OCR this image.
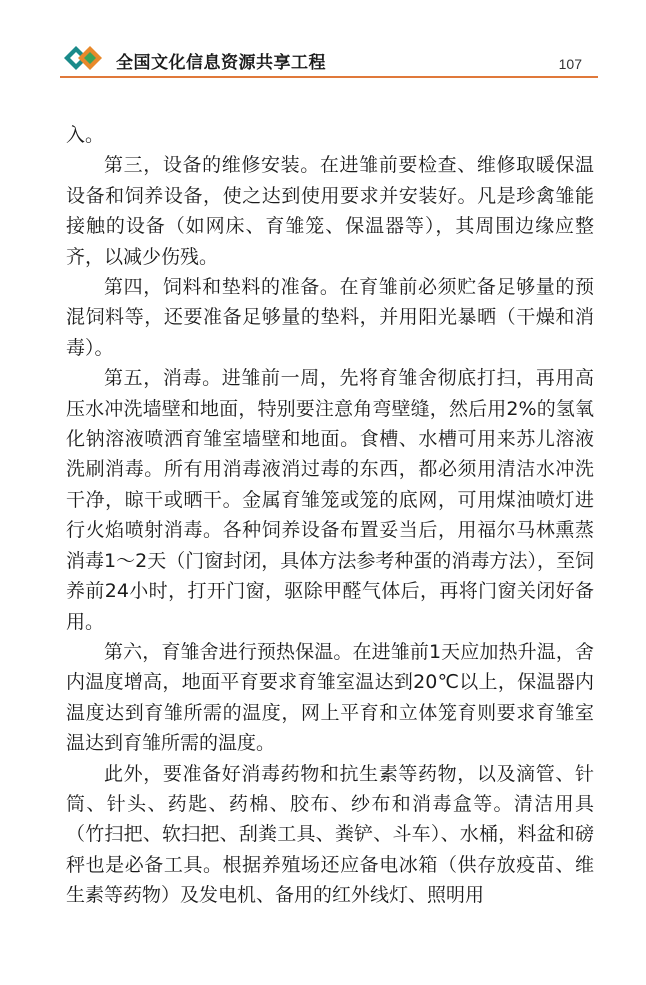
全国文化信息资源共享工程	107

入。

第三，设备的维修安装。在进雏前要检查、维修取暖保温设备和饲养设备，使之达到使用要求并安装好。凡是珍禽雏能接触的设备（如网床、育雏笼、保温器等），其周围边缘应整齐，以减少伤残。

第四，饲料和垫料的准备。在育雏前必须贮备足够量的预混饲料等，还要准备足够量的垫料，并用阳光暴晒（干燥和消毒）。

第五，消毒。进雏前一周，先将育雏舍彻底打扫，再用高压水冲洗墙壁和地面，特别要注意角弯壁缝，然后用2%的氢氧化钠溶液喷洒育雏室墙壁和地面。食槽、水槽可用来苏儿溶液洗刷消毒。所有用消毒液消过毒的东西，都必须用清洁水冲洗干净，晾干或晒干。金属育雏笼或笼的底网，可用煤油喷灯进行火焰喷射消毒。各种饲养设备布置妥当后，用福尔马林熏蒸消毒1～2天（门窗封闭，具体方法参考种蛋的消毒方法），至饲养前24小时，打开门窗，驱除甲醛气体后，再将门窗关闭好备用。

第六，育雏舍进行预热保温。在进雏前1天应加热升温，舍内温度增高，地面平育要求育雏室温达到20℃以上，保温器内温度达到育雏所需的温度，网上平育和立体笼育则要求育雏室温达到育雏所需的温度。

此外，要准备好消毒药物和抗生素等药物，以及滴管、针筒、针头、药匙、药棉、胶布、纱布和消毒盒等。清洁用具（竹扫把、软扫把、刮粪工具、粪铲、斗车）、水桶，料盆和磅秤也是必备工具。根据养殖场还应备电冰箱（供存放疫苗、维生素等药物）及发电机、备用的红外线灯、照明用
